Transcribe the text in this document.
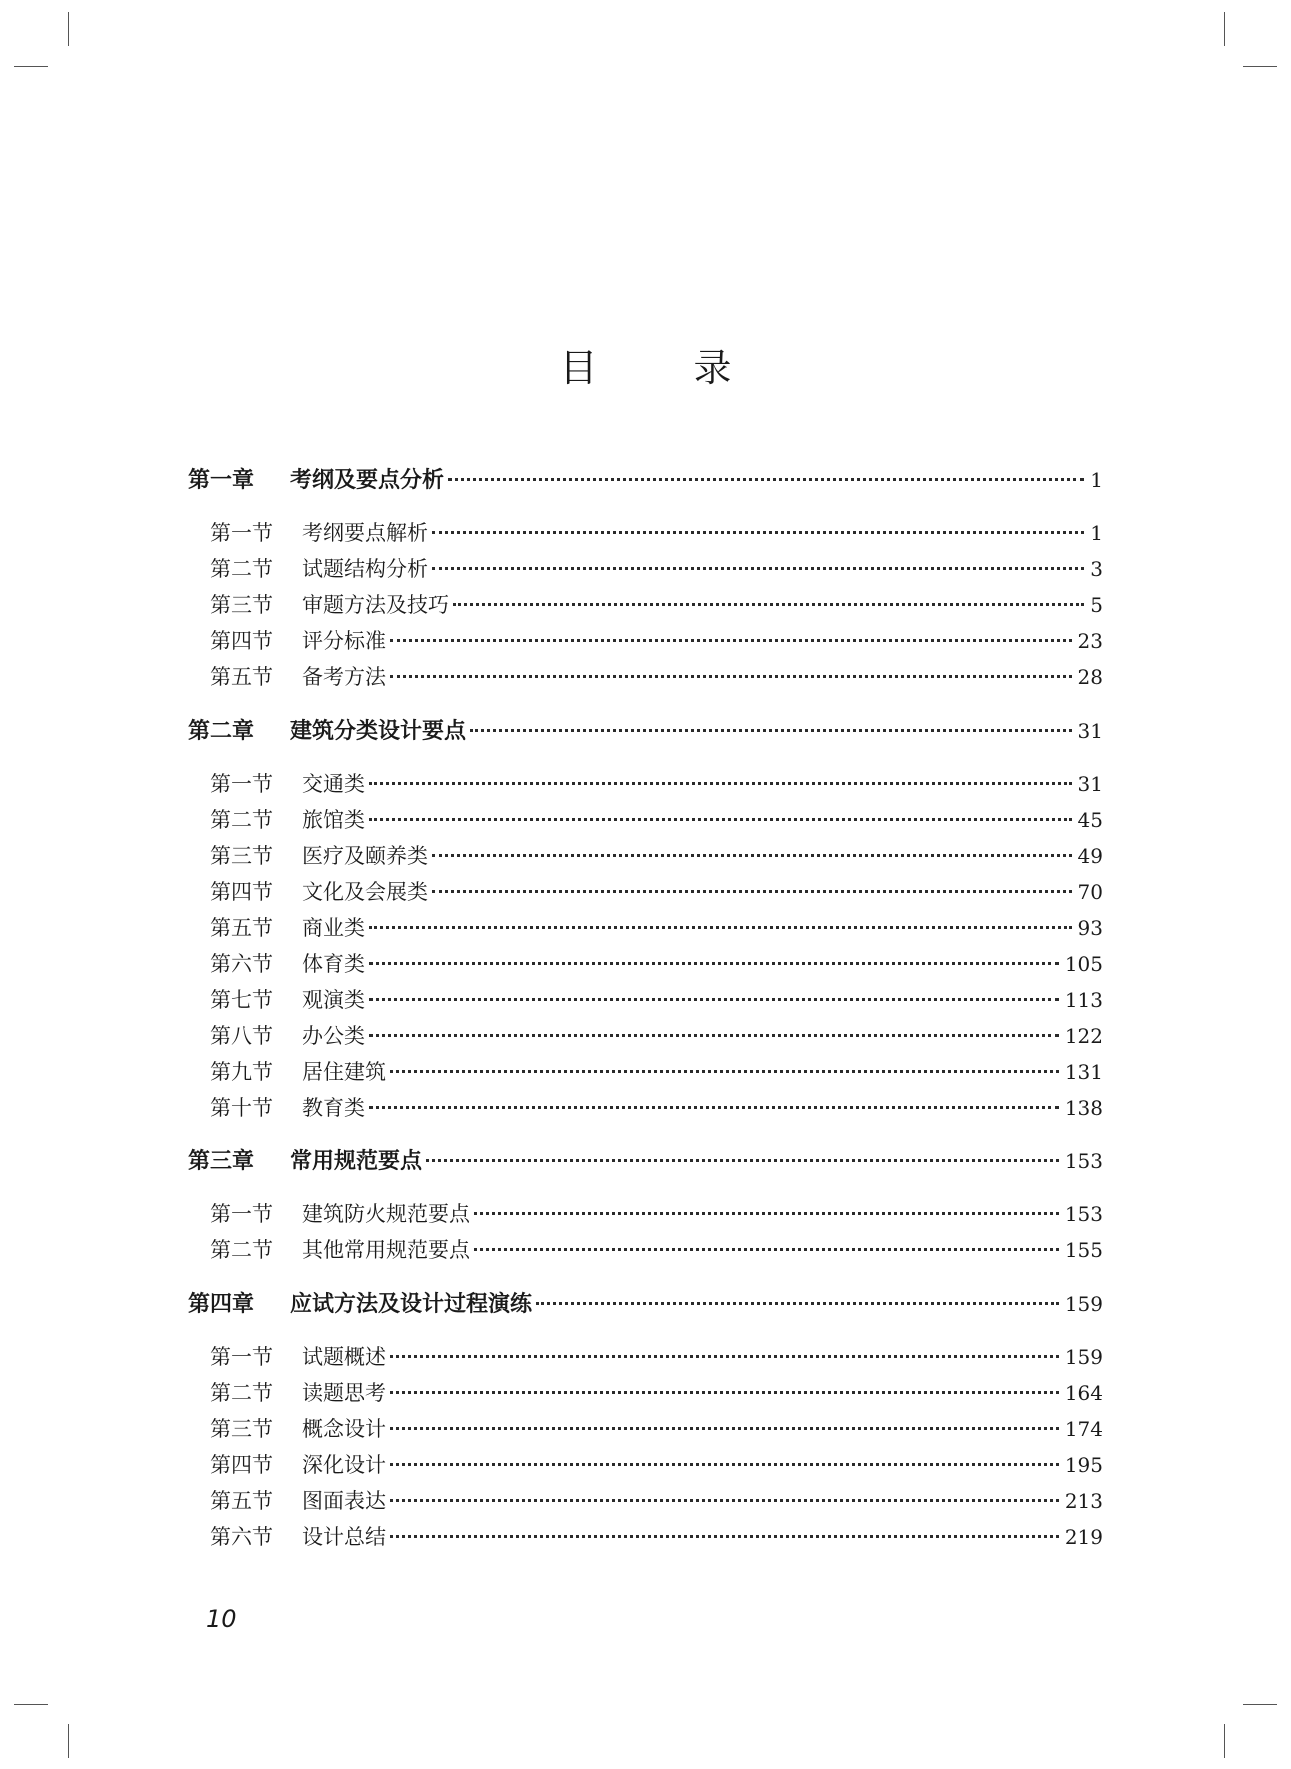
目	录
第一章	考纲及要点分析	1
第一节	考纲要点解析	1
第二节	试题结构分析	3
第三节	审题方法及技巧	5
第四节	评分标准	23
第五节	备考方法	28
第二章	建筑分类设计要点	31
第一节	交通类	31
第二节	旅馆类	45
第三节	医疗及颐养类	49
第四节	文化及会展类	70
第五节	商业类	93
第六节	体育类	105
第七节	观演类	113
第八节	办公类	122
第九节	居住建筑	131
第十节	教育类	138
第三章	常用规范要点	153
第一节	建筑防火规范要点	153
第二节	其他常用规范要点	155
第四章	应试方法及设计过程演练	159
第一节	试题概述	159
第二节	读题思考	164
第三节	概念设计	174
第四节	深化设计	195
第五节	图面表达	213
第六节	设计总结	219
10
